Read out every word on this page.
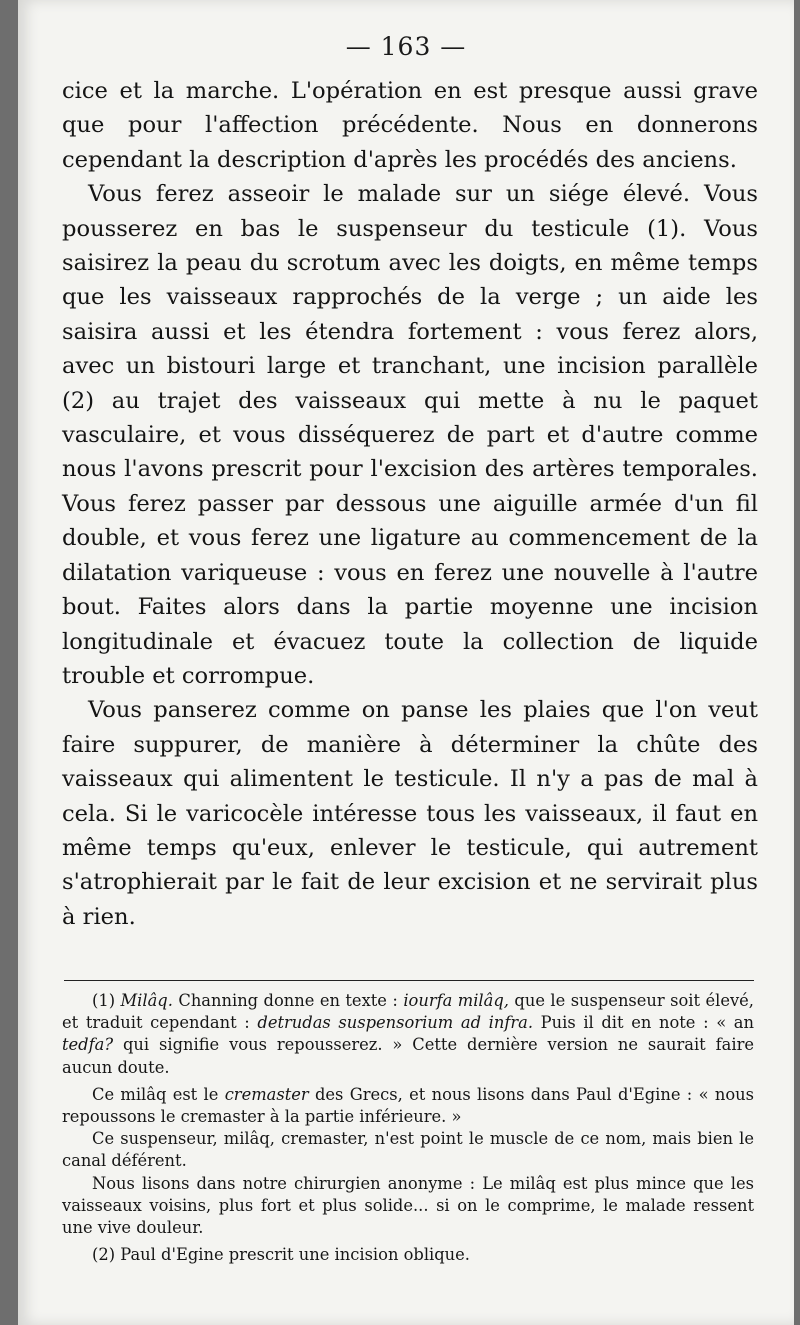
— 163 —

cice et la marche. L'opération en est presque aussi grave que pour l'affection précédente. Nous en donnerons cependant la description d'après les procédés des anciens.

Vous ferez asseoir le malade sur un siége élevé. Vous pousserez en bas le suspenseur du testicule (1). Vous saisirez la peau du scrotum avec les doigts, en même temps que les vaisseaux rapprochés de la verge ; un aide les saisira aussi et les étendra fortement : vous ferez alors, avec un bistouri large et tranchant, une incision parallèle (2) au trajet des vaisseaux qui mette à nu le paquet vasculaire, et vous disséquerez de part et d'autre comme nous l'avons prescrit pour l'excision des artères temporales. Vous ferez passer par dessous une aiguille armée d'un fil double, et vous ferez une ligature au commencement de la dilatation variqueuse : vous en ferez une nouvelle à l'autre bout. Faites alors dans la partie moyenne une incision longitudinale et évacuez toute la collection de liquide trouble et corrompue.

Vous panserez comme on panse les plaies que l'on veut faire suppurer, de manière à déterminer la chûte des vaisseaux qui alimentent le testicule. Il n'y a pas de mal à cela. Si le varicocèle intéresse tous les vaisseaux, il faut en même temps qu'eux, enlever le testicule, qui autrement s'atrophierait par le fait de leur excision et ne servirait plus à rien.

(1) Milâq. Channing donne en texte : iourfa milâq, que le suspenseur soit élevé, et traduit cependant : detrudas suspensorium ad infra. Puis il dit en note : « an tedfa? qui signifie vous repousserez. » Cette dernière version ne saurait faire aucun doute.

Ce milâq est le cremaster des Grecs, et nous lisons dans Paul d'Egine : « nous repoussons le cremaster à la partie inférieure. »

Ce suspenseur, milâq, cremaster, n'est point le muscle de ce nom, mais bien le canal déférent.

Nous lisons dans notre chirurgien anonyme : Le milâq est plus mince que les vaisseaux voisins, plus fort et plus solide... si on le comprime, le malade ressent une vive douleur.

(2) Paul d'Egine prescrit une incision oblique.
